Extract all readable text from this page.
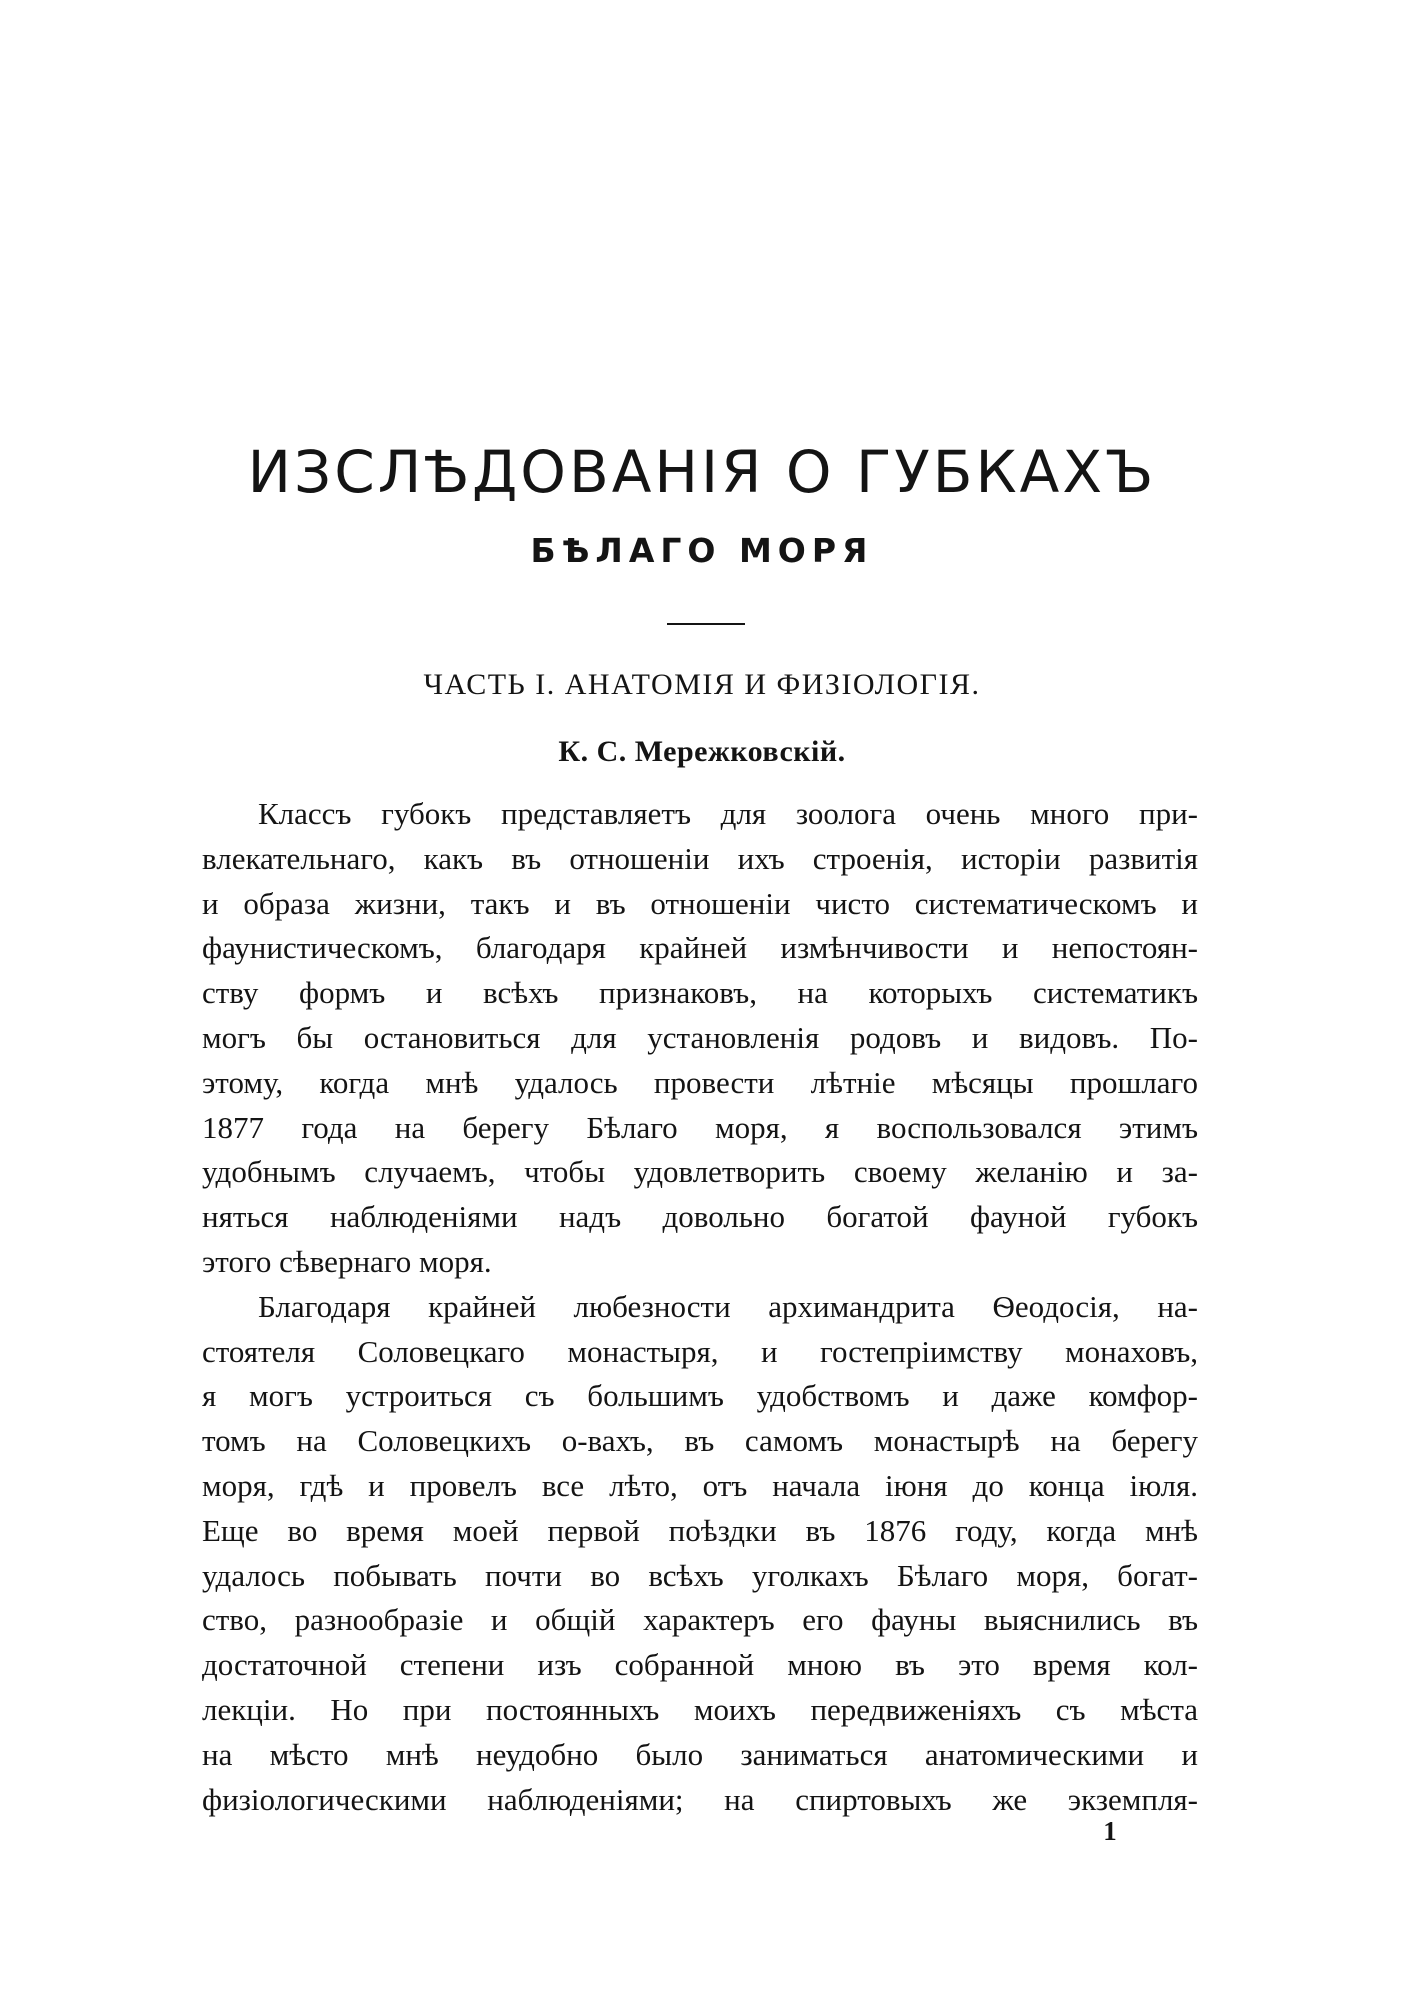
ИЗСЛѢДОВАНІЯ О ГУБКАХЪ
БѢЛАГО МОРЯ
ЧАСТЬ I. АНАТОМІЯ И ФИЗІОЛОГІЯ.
К. С. Мережковскій.

Классъ губокъ представляетъ для зоолога очень много при-
влекательнаго, какъ въ отношеніи ихъ строенія, исторіи развитія
и образа жизни, такъ и въ отношеніи чисто систематическомъ и
фаунистическомъ, благодаря крайней измѣнчивости и непостоян-
ству формъ и всѣхъ признаковъ, на которыхъ систематикъ
могъ бы остановиться для установленія родовъ и видовъ. По-
этому, когда мнѣ удалось провести лѣтніе мѣсяцы прошлаго
1877 года на берегу Бѣлаго моря, я воспользовался этимъ
удобнымъ случаемъ, чтобы удовлетворить своему желанію и за-
няться наблюденіями надъ довольно богатой фауной губокъ
этого сѣвернаго моря.

Благодаря крайней любезности архимандрита Ѳеодосія, на-
стоятеля Соловецкаго монастыря, и гостепріимству монаховъ,
я могъ устроиться съ большимъ удобствомъ и даже комфор-
томъ на Соловецкихъ о-вахъ, въ самомъ монастырѣ на берегу
моря, гдѣ и провелъ все лѣто, отъ начала іюня до конца іюля.
Еще во время моей первой поѣздки въ 1876 году, когда мнѣ
удалось побывать почти во всѣхъ уголкахъ Бѣлаго моря, богат-
ство, разнообразіе и общій характеръ его фауны выяснились въ
достаточной степени изъ собранной мною въ это время кол-
лекціи. Но при постоянныхъ моихъ передвиженіяхъ съ мѣста
на мѣсто мнѣ неудобно было заниматься анатомическими и
физіологическими наблюденіями; на спиртовыхъ же экземпля-

1
